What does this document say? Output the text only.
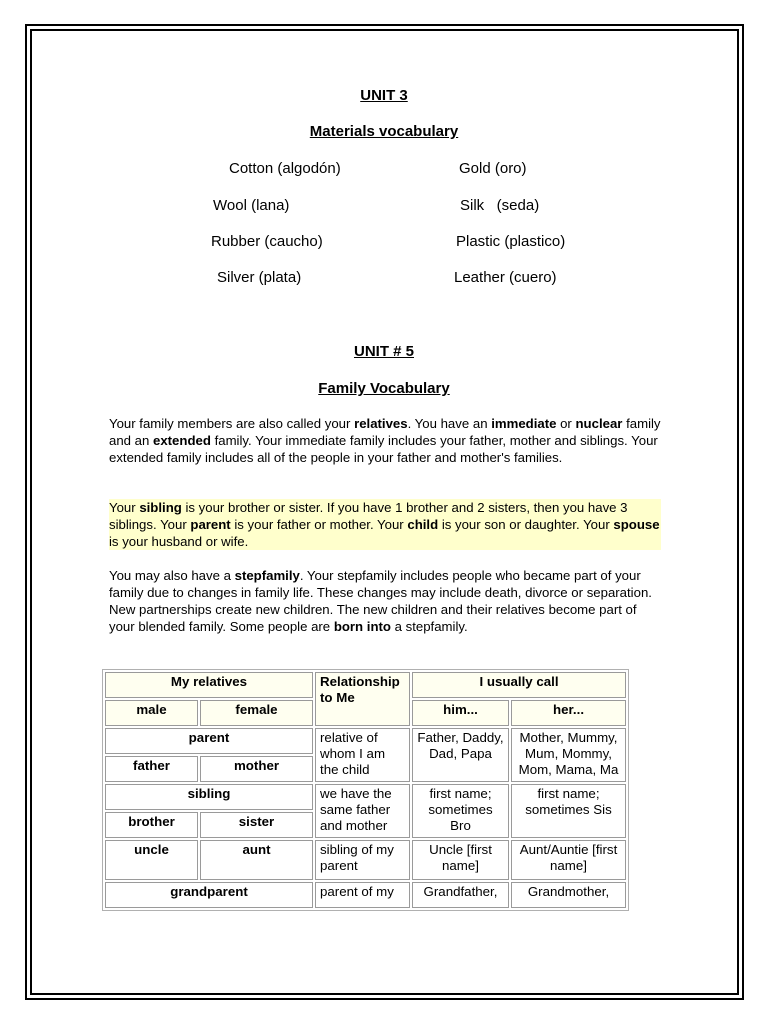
UNIT 3
Materials vocabulary
Cotton (algodón)	Gold (oro)
Wool (lana)	Silk   (seda)
Rubber (caucho)	Plastic (plastico)
Silver (plata)	Leather (cuero)
UNIT # 5
Family Vocabulary
Your family members are also called your relatives. You have an immediate or nuclear family and an extended family. Your immediate family includes your father, mother and siblings. Your extended family includes all of the people in your father and mother's families.
Your sibling is your brother or sister. If you have 1 brother and 2 sisters, then you have 3 siblings. Your parent is your father or mother. Your child is your son or daughter. Your spouse is your husband or wife.
You may also have a stepfamily. Your stepfamily includes people who became part of your family due to changes in family life. These changes may include death, divorce or separation. New partnerships create new children. The new children and their relatives become part of your blended family. Some people are born into a stepfamily.
My relatives		Relationship to Me	I usually call	
male	female		him...	her...
parent		relative of whom I am the child	Father, Daddy, Dad, Papa	Mother, Mummy, Mum, Mommy, Mom, Mama, Ma
father	mother			
sibling		we have the same father and mother	first name; sometimes Bro	first name; sometimes Sis
brother	sister			
uncle	aunt	sibling of my parent	Uncle [first name]	Aunt/Auntie [first name]
grandparent		parent of my	Grandfather,	Grandmother,
